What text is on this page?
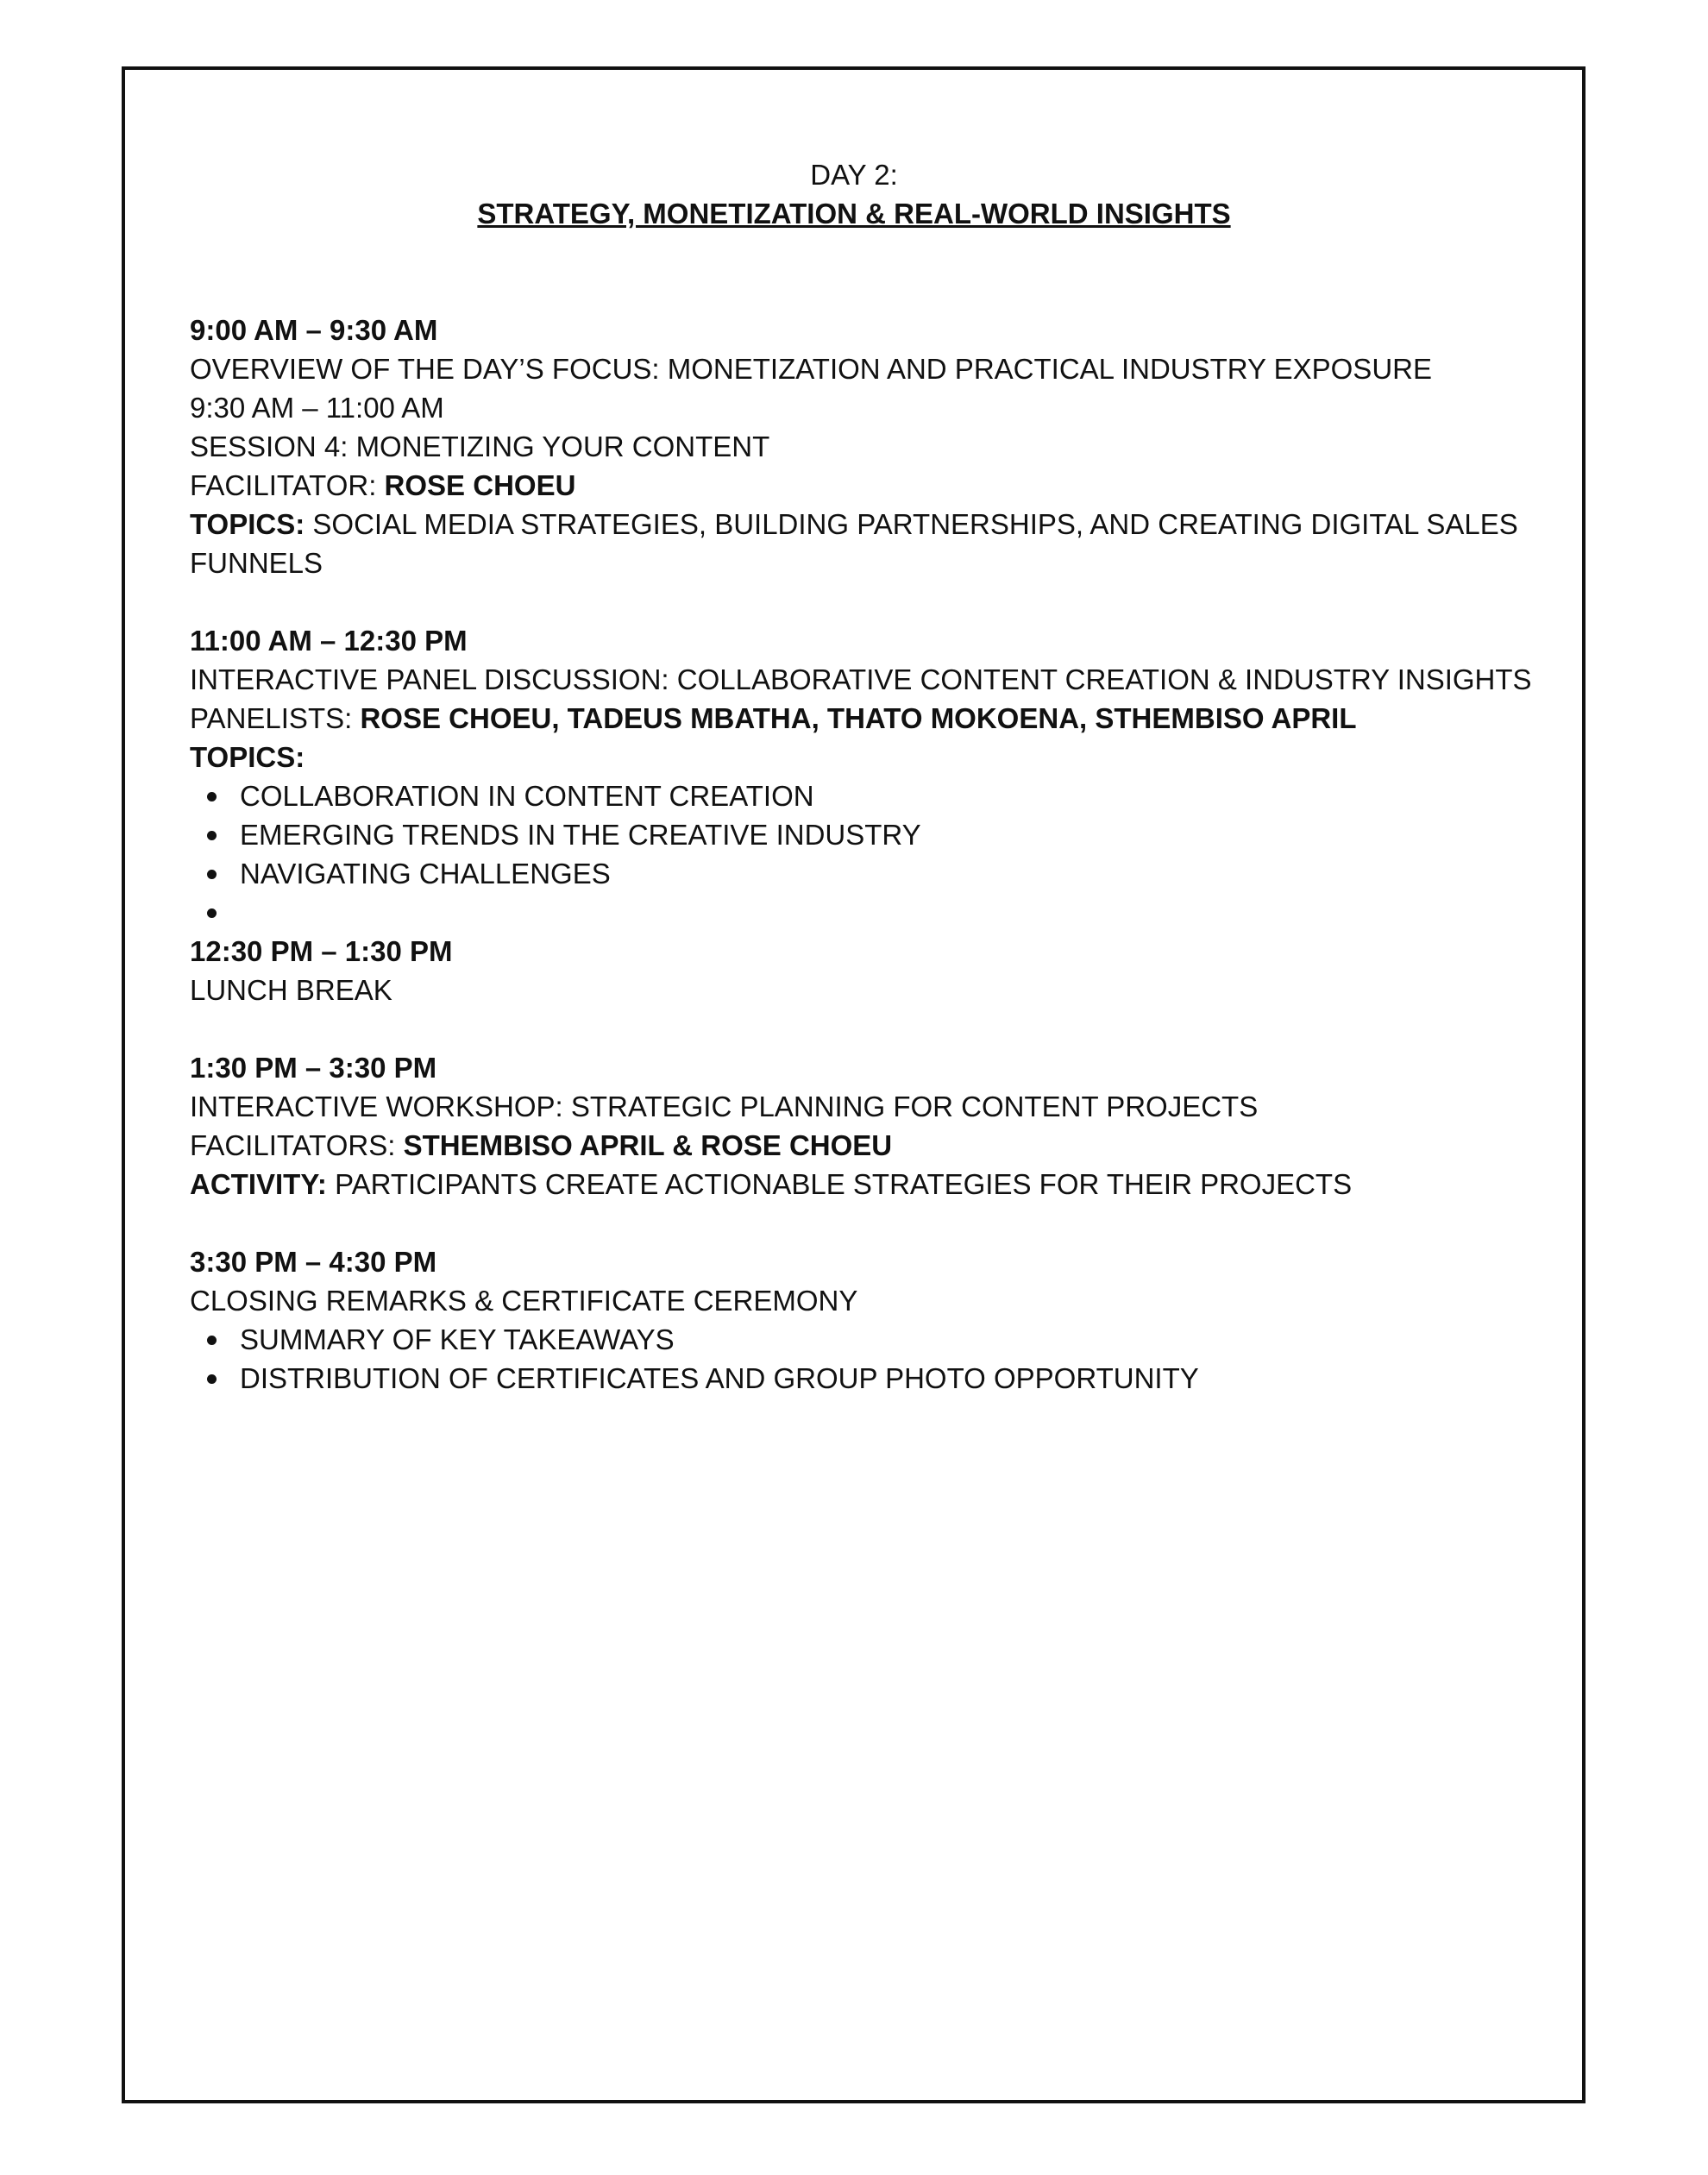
DAY 2:
STRATEGY, MONETIZATION & REAL-WORLD INSIGHTS
9:00 AM – 9:30 AM
OVERVIEW OF THE DAY’S FOCUS: MONETIZATION AND PRACTICAL INDUSTRY EXPOSURE
9:30 AM – 11:00 AM
SESSION 4: MONETIZING YOUR CONTENT
FACILITATOR: ROSE CHOEU
TOPICS: SOCIAL MEDIA STRATEGIES, BUILDING PARTNERSHIPS, AND CREATING DIGITAL SALES FUNNELS
11:00 AM – 12:30 PM
INTERACTIVE PANEL DISCUSSION: COLLABORATIVE CONTENT CREATION & INDUSTRY INSIGHTS
PANELISTS: ROSE CHOEU, TADEUS MBATHA, THATO MOKOENA, STHEMBISO APRIL
TOPICS:
COLLABORATION IN CONTENT CREATION
EMERGING TRENDS IN THE CREATIVE INDUSTRY
NAVIGATING CHALLENGES
12:30 PM – 1:30 PM
LUNCH BREAK
1:30 PM – 3:30 PM
INTERACTIVE WORKSHOP: STRATEGIC PLANNING FOR CONTENT PROJECTS
FACILITATORS: STHEMBISO APRIL & ROSE CHOEU
ACTIVITY: PARTICIPANTS CREATE ACTIONABLE STRATEGIES FOR THEIR PROJECTS
3:30 PM – 4:30 PM
CLOSING REMARKS & CERTIFICATE CEREMONY
SUMMARY OF KEY TAKEAWAYS
DISTRIBUTION OF CERTIFICATES AND GROUP PHOTO OPPORTUNITY
